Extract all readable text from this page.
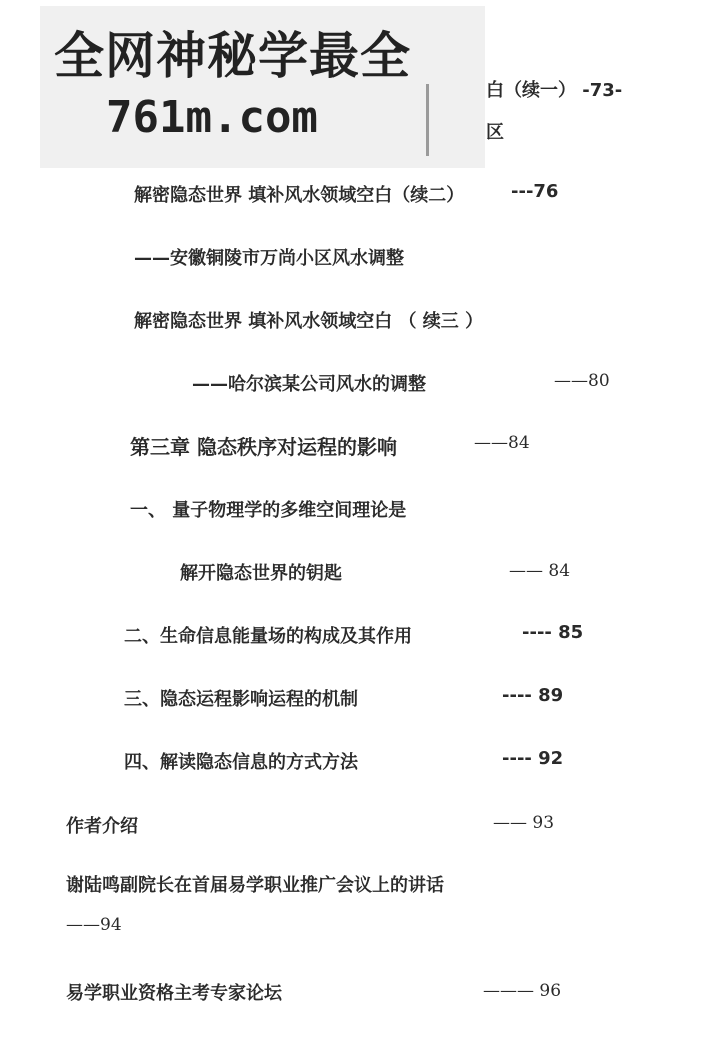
全网神秘学最全
761m.com
白（续一） -73-
区
解密隐态世界 填补风水领域空白（续二）	---76
——安徽铜陵市万尚小区风水调整
解密隐态世界 填补风水领域空白 （ 续三 ）
——哈尔滨某公司风水的调整	——80
第三章 隐态秩序对运程的影响	——84
一、 量子物理学的多维空间理论是
解开隐态世界的钥匙	—— 84
二、生命信息能量场的构成及其作用	---- 85
三、隐态运程影响运程的机制	---- 89
四、解读隐态信息的方式方法	---- 92
作者介绍	—— 93
谢陆鸣副院长在首届易学职业推广会议上的讲话
——94
易学职业资格主考专家论坛	——— 96
